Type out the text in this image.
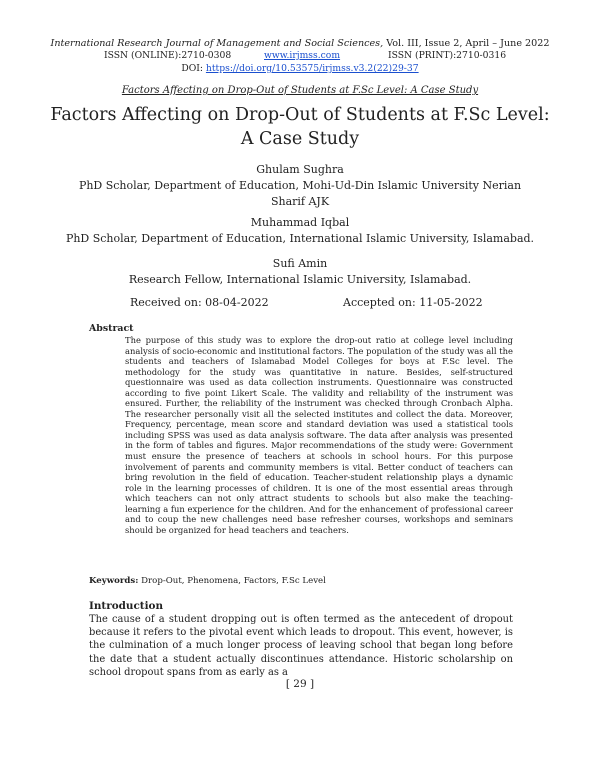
International Research Journal of Management and Social Sciences, Vol. III, Issue 2, April – June 2022
ISSN (ONLINE):2710-0308	www.irjmss.com	ISSN (PRINT):2710-0316
DOI: https://doi.org/10.53575/irjmss.v3.2(22)29-37
Factors Affecting on Drop-Out of Students at F.Sc Level: A Case Study
Factors Affecting on Drop-Out of Students at F.Sc Level:
A Case Study
Ghulam Sughra
PhD Scholar, Department of Education, Mohi-Ud-Din Islamic University Nerian
Sharif AJK
Muhammad Iqbal
PhD Scholar, Department of Education, International Islamic University, Islamabad.
Sufi Amin
Research Fellow, International Islamic University, Islamabad.
Received on: 08-04-2022	Accepted on: 11-05-2022
Abstract
The purpose of this study was to explore the drop-out ratio at college level including analysis of socio-economic and institutional factors. The population of the study was all the students and teachers of Islamabad Model Colleges for boys at F.Sc level. The methodology for the study was quantitative in nature. Besides, self-structured questionnaire was used as data collection instruments. Questionnaire was constructed according to five point Likert Scale. The validity and reliability of the instrument was ensured. Further, the reliability of the instrument was checked through Cronbach Alpha. The researcher personally visit all the selected institutes and collect the data. Moreover, Frequency, percentage, mean score and standard deviation was used a statistical tools including SPSS was used as data analysis software. The data after analysis was presented in the form of tables and figures. Major recommendations of the study were: Government must ensure the presence of teachers at schools in school hours. For this purpose involvement of parents and community members is vital. Better conduct of teachers can bring revolution in the field of education. Teacher-student relationship plays a dynamic role in the learning processes of children. It is one of the most essential areas through which teachers can not only attract students to schools but also make the teaching-learning a fun experience for the children. And for the enhancement of professional career and to coup the new challenges need base refresher courses, workshops and seminars should be organized for head teachers and teachers.
Keywords: Drop-Out, Phenomena, Factors, F.Sc Level
Introduction
The cause of a student dropping out is often termed as the antecedent of dropout because it refers to the pivotal event which leads to dropout. This event, however, is the culmination of a much longer process of leaving school that began long before the date that a student actually discontinues attendance. Historic scholarship on school dropout spans from as early as a
[ 29 ]
